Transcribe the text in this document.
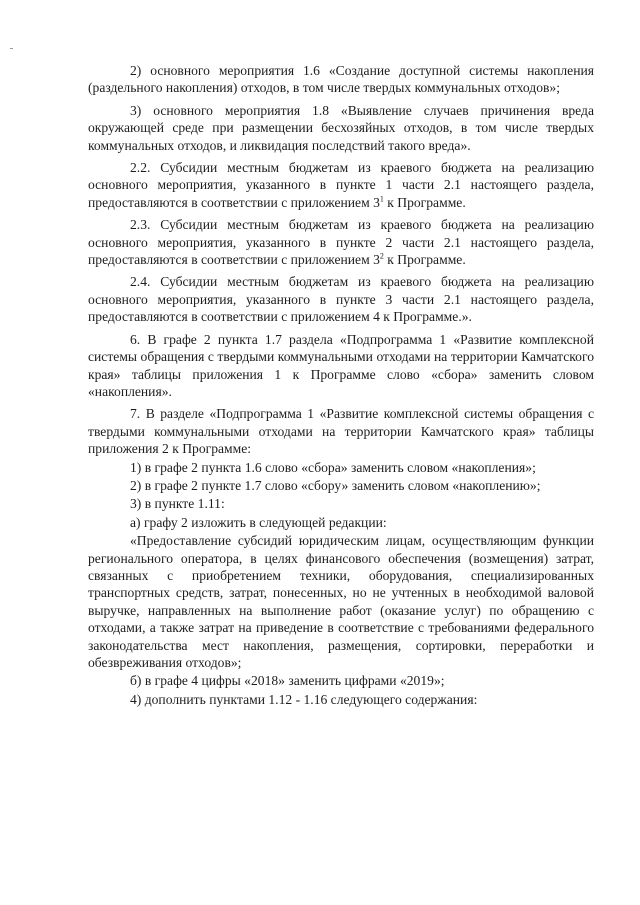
2) основного мероприятия 1.6 «Создание доступной системы накопления (раздельного накопления) отходов, в том числе твердых коммунальных отходов»;

3) основного мероприятия 1.8 «Выявление случаев причинения вреда окружающей среде при размещении бесхозяйных отходов, в том числе твердых коммунальных отходов, и ликвидация последствий такого вреда».

2.2. Субсидии местным бюджетам из краевого бюджета на реализацию основного мероприятия, указанного в пункте 1 части 2.1 настоящего раздела, предоставляются в соответствии с приложением $3^1$ к Программе.

2.3. Субсидии местным бюджетам из краевого бюджета на реализацию основного мероприятия, указанного в пункте 2 части 2.1 настоящего раздела, предоставляются в соответствии с приложением $3^2$ к Программе.

2.4. Субсидии местным бюджетам из краевого бюджета на реализацию основного мероприятия, указанного в пункте 3 части 2.1 настоящего раздела, предоставляются в соответствии с приложением 4 к Программе.».

6. В графе 2 пункта 1.7 раздела «Подпрограмма 1 «Развитие комплексной системы обращения с твердыми коммунальными отходами на территории Камчатского края» таблицы приложения 1 к Программе слово «сбора» заменить словом «накопления».

7. В разделе «Подпрограмма 1 «Развитие комплексной системы обращения с твердыми коммунальными отходами на территории Камчатского края» таблицы приложения 2 к Программе:

1) в графе 2 пункта 1.6 слово «сбора» заменить словом «накопления»;

2) в графе 2 пункте 1.7 слово «сбору» заменить словом «накоплению»;

3) в пункте 1.11:

а) графу 2 изложить в следующей редакции:

«Предоставление субсидий юридическим лицам, осуществляющим функции регионального оператора, в целях финансового обеспечения (возмещения) затрат, связанных с приобретением техники, оборудования, специализированных транспортных средств, затрат, понесенных, но не учтенных в необходимой валовой выручке, направленных на выполнение работ (оказание услуг) по обращению с отходами, а также затрат на приведение в соответствие с требованиями федерального законодательства мест накопления, размещения, сортировки, переработки и обезвреживания отходов»;

б) в графе 4 цифры «2018» заменить цифрами «2019»;

4) дополнить пунктами 1.12 - 1.16 следующего содержания:
